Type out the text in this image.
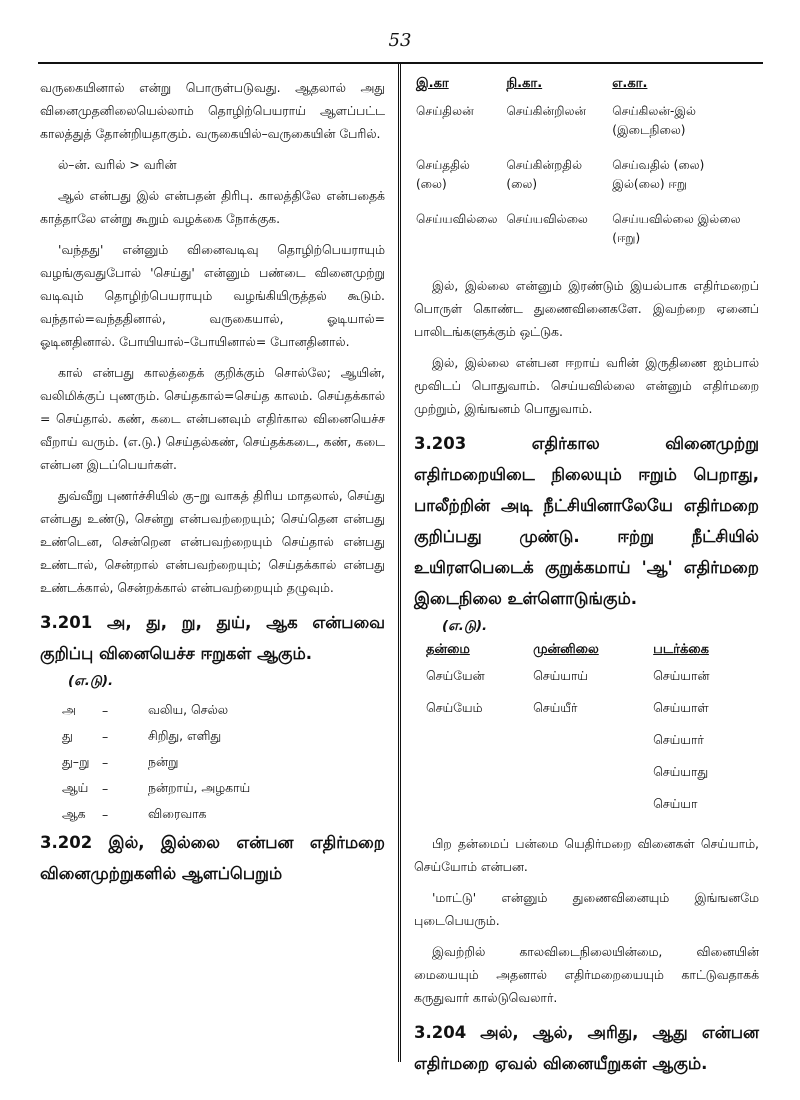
53

வருகையினால் என்று பொருள்படுவது. ஆதலால் அது வினைமுதனிலையெல்லாம் தொழிற்பெயராய் ஆளப்பட்ட காலத்துத் தோன்றியதாகும். வருகையில்–வருகையின் பேரில்.

ல்–ன். வரில் > வரின்

ஆல் என்பது இல் என்பதன் திரிபு. காலத்திலே என்பதைக் காத்தாலே என்று கூறும் வழக்கை நோக்குக.

'வந்தது' என்னும் வினைவடிவு தொழிற்பெயராயும் வழங்குவதுபோல் 'செய்து' என்னும் பண்டை வினைமுற்று வடிவும் தொழிற்பெயராயும் வழங்கியிருத்தல் கூடும். வந்தால்=வந்ததினால், வருகையால், ஓடியால்= ஓடினதினால். போயியால்–போயினால்= போனதினால்.

கால் என்பது காலத்தைக் குறிக்கும் சொல்லே; ஆயின், வலிமிக்குப் புணரும். செய்தகால்=செய்த காலம். செய்தக்கால் = செய்தால். கண், கடை என்பனவும் எதிர்கால வினையெச்ச வீறாய் வரும். (எ.டு.) செய்தல்கண், செய்தக்கடை, கண், கடை என்பன இடப்பெயர்கள்.

துவ்வீறு புணர்ச்சியில் கு–று வாகத் திரிய மாதலால், செய்து என்பது உண்டு, சென்று என்பவற்றையும்; செய்தென என்பது உண்டென, சென்றென என்பவற்றையும் செய்தால் என்பது உண்டால், சென்றால் என்பவற்றையும்; செய்தக்கால் என்பது உண்டக்கால், சென்றக்கால் என்பவற்றையும் தழுவும்.

3.201 அ, து, று, துய், ஆக என்பவை குறிப்பு வினையெச்ச ஈறுகள் ஆகும்.
(எ.டு).
அ	–	வலிய, செல்ல
து	–	சிறிது, எளிது
து–று	–	நன்று
ஆய்	–	நன்றாய், அழகாய்
ஆக	–	விரைவாக
3.202 இல், இல்லை என்பன எதிர்மறை வினைமுற்றுகளில் ஆளப்பெறும்
இ.கா	நி.கா.	எ.கா.
செய்திலன்	செய்கின்றிலன்	செய்கிலன்-இல் (இடைநிலை)
செய்ததில் (லை)	செய்கின்றதில் (லை)	செய்வதில் (லை) இல்(லை) ஈறு
செய்யவில்லை	செய்யவில்லை	செய்யவில்லை இல்லை (ஈறு)

இல், இல்லை என்னும் இரண்டும் இயல்பாக எதிர்மறைப் பொருள் கொண்ட துணைவினைகளே. இவற்றை ஏனைப் பாலிடங்களுக்கும் ஒட்டுக.

இல், இல்லை என்பன ஈறாய் வரின் இருதிணை ஐம்பால் மூவிடப் பொதுவாம். செய்யவில்லை என்னும் எதிர்மறை முற்றும், இங்ஙனம் பொதுவாம்.

3.203 எதிர்கால வினைமுற்று எதிர்மறையிடை நிலையும் ஈறும் பெறாது, பாலீற்றின் அடி நீட்சியினாலேயே எதிர்மறை குறிப்பது முண்டு. ஈற்று நீட்சியில் உயிரளபெடைக் குறுக்கமாய் 'ஆ' எதிர்மறை இடைநிலை உள்ளொடுங்கும்.
(எ.டு).
தன்மை	முன்னிலை	படர்க்கை
செய்யேன்	செய்யாய்	செய்யான்
செய்யேம்	செய்யீர்	செய்யாள்
		செய்யார்
		செய்யாது
		செய்யா

பிற தன்மைப் பன்மை யெதிர்மறை வினைகள் செய்யாம், செய்யோம் என்பன.

'மாட்டு' என்னும் துணைவினையும் இங்ஙனமே புடைபெயரும்.

இவற்றில் காலவிடைநிலையின்மை, வினையின் மையையும் அதனால் எதிர்மறையையும் காட்டுவதாகக் கருதுவார் கால்டுவெலார்.

3.204 அல், ஆல், அரிது, ஆது என்பன எதிர்மறை ஏவல் வினையீறுகள் ஆகும்.
